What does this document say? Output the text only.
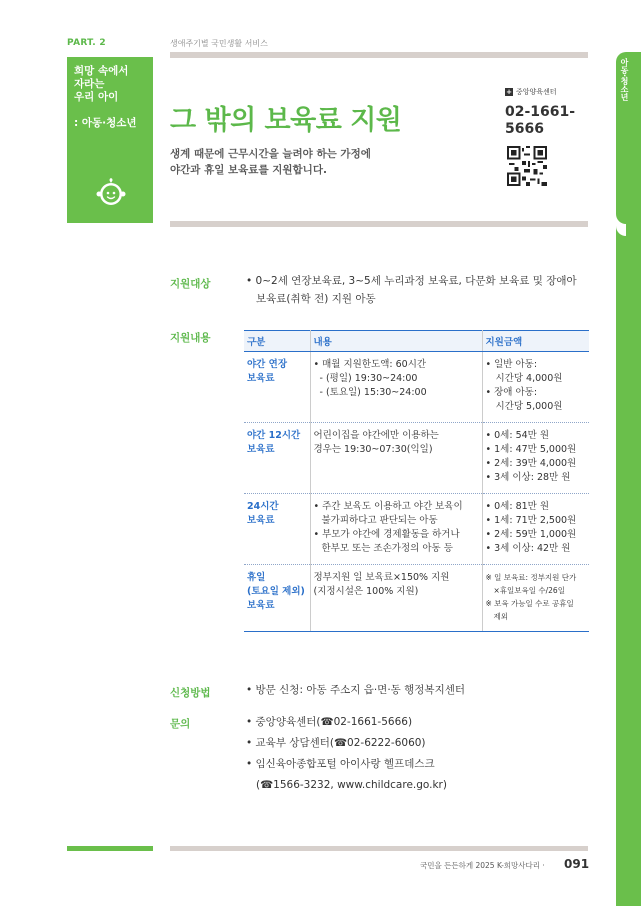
PART. 2	생애주기별 국민생활 서비스
희망 속에서
자라는
우리 아이
: 아동·청소년
아동·청소년
그 밖의 보육료 지원
생계 때문에 근무시간을 늘려야 하는 가정에
야간과 휴일 보육료를 지원합니다.
+ 중앙양육센터
02-1661-
5666
지원대상	• 0~2세 연장보육료, 3~5세 누리과정 보육료, 다문화 보육료 및 장애아
보육료(취학 전) 지원 아동
지원내용	구분	내용	지원금액

야간 연장
보육료	• 매월 지원한도액: 60시간
- (평일) 19:30~24:00
- (토요일) 15:30~24:00	• 일반 아동:
시간당 4,000원
• 장애 아동:
시간당 5,000원

야간 12시간
보육료	어린이집을 야간에만 이용하는
경우는 19:30~07:30(익일)	• 0세: 54만 원
• 1세: 47만 5,000원
• 2세: 39만 4,000원
• 3세 이상: 28만 원

24시간
보육료	• 주간 보육도 이용하고 야간 보육이
불가피하다고 판단되는 아동
• 부모가 야간에 경제활동을 하거나
한부모 또는 조손가정의 아동 등	• 0세: 81만 원
• 1세: 71만 2,500원
• 2세: 59만 1,000원
• 3세 이상: 42만 원

휴일
(토요일 제외)
보육료	정부지원 일 보육료×150% 지원
(지정시설은 100% 지원)	※ 일 보육료: 정부지원 단가
×휴일보육일 수/26일
※ 보육 가능일 수로 공휴일
제외
신청방법	• 방문 신청: 아동 주소지 읍·면·동 행정복지센터
문의	• 중앙양육센터(☎02-1661-5666)
• 교육부 상담센터(☎02-6222-6060)
• 임신육아종합포털 아이사랑 헬프데스크
(☎1566-3232, www.childcare.go.kr)
국민을 든든하게 2025 K-희망사다리 · 091
